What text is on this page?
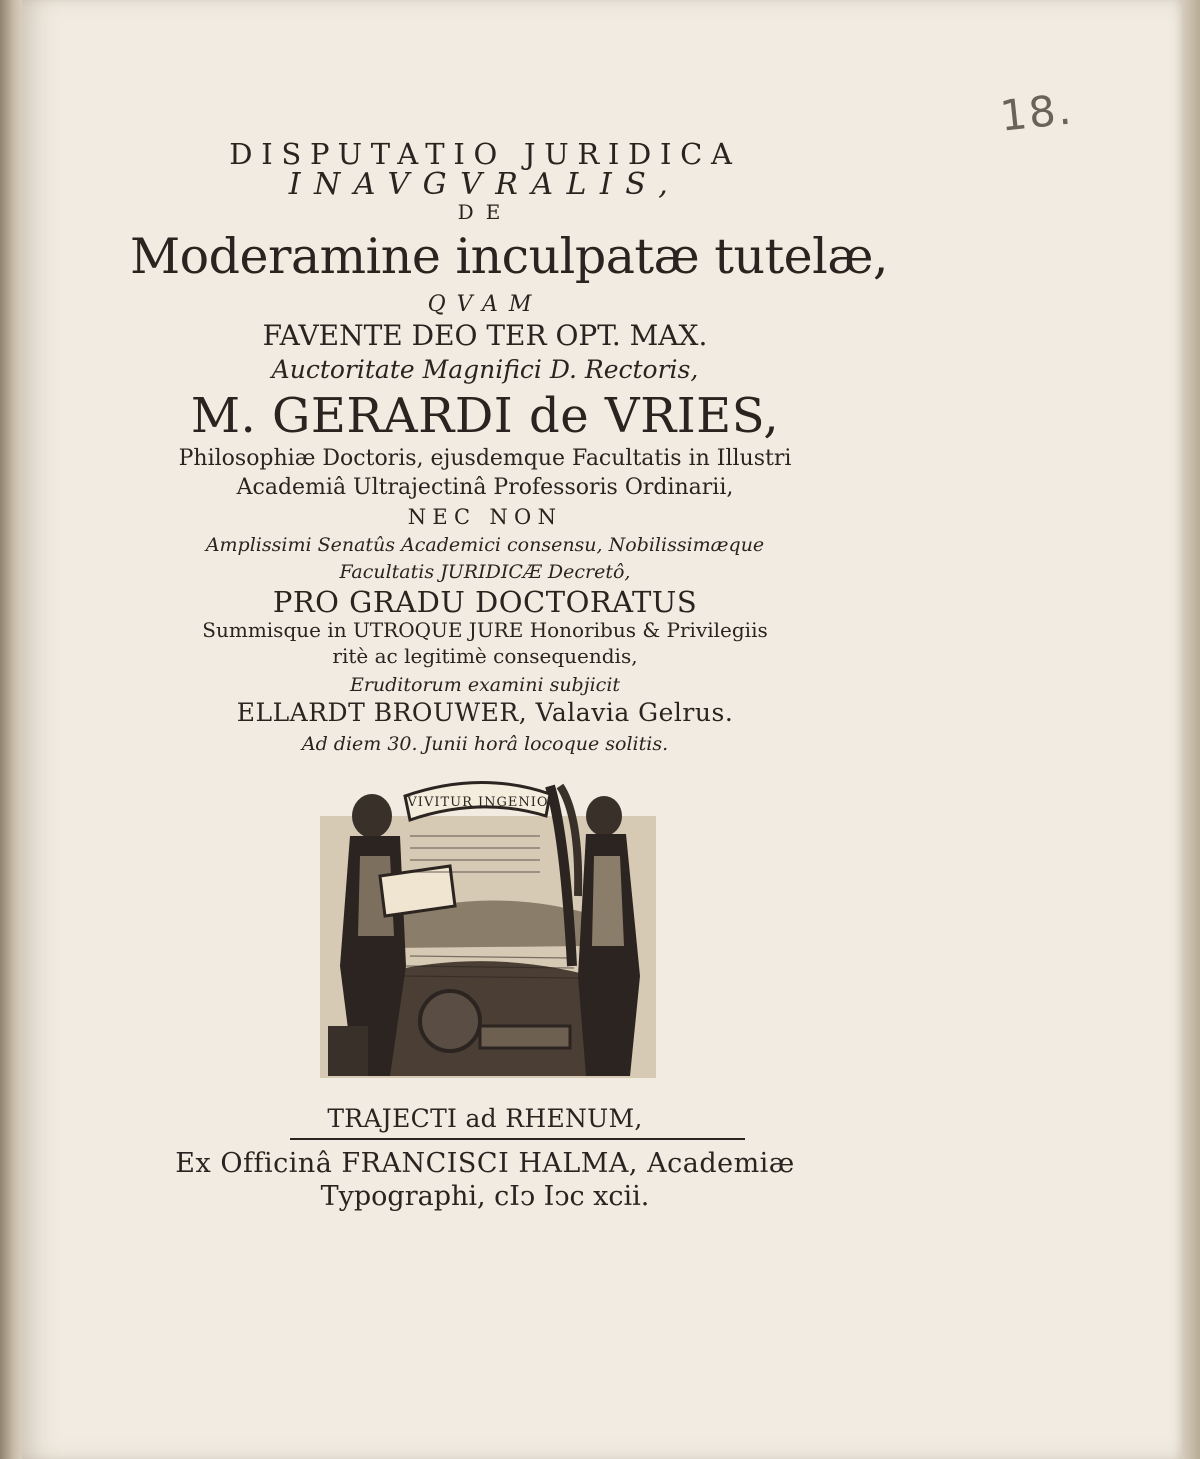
18.
DISPUTATIO JURIDICA
INAVGVRALIS,
DE
Moderamine inculpatæ tutelæ,
QVAM
FAVENTE DEO TER OPT. MAX.
Auctoritate Magnifici D. Rectoris,
M. GERARDI de VRIES,
Philosophiæ Doctoris, ejusdemque Facultatis in Illustri
Academiâ Ultrajectinâ Professoris Ordinarii,
NEC NON
Amplissimi Senatûs Academici consensu, Nobilissimæque
Facultatis JURIDICÆ Decretô,
PRO GRADU DOCTORATUS
Summisque in UTROQUE JURE Honoribus & Privilegiis
ritè ac legitimè consequendis,
Eruditorum examini subjicit
ELLARDT BROUWER, Valavia Gelrus.
Ad diem 30. Junii horâ locoque solitis.
VIVITUR INGENIO
TRAJECTI ad RHENUM,
Ex Officinâ FRANCISCI HALMA, Academiæ
Typographi, cIↄ Iↄc xcii.
